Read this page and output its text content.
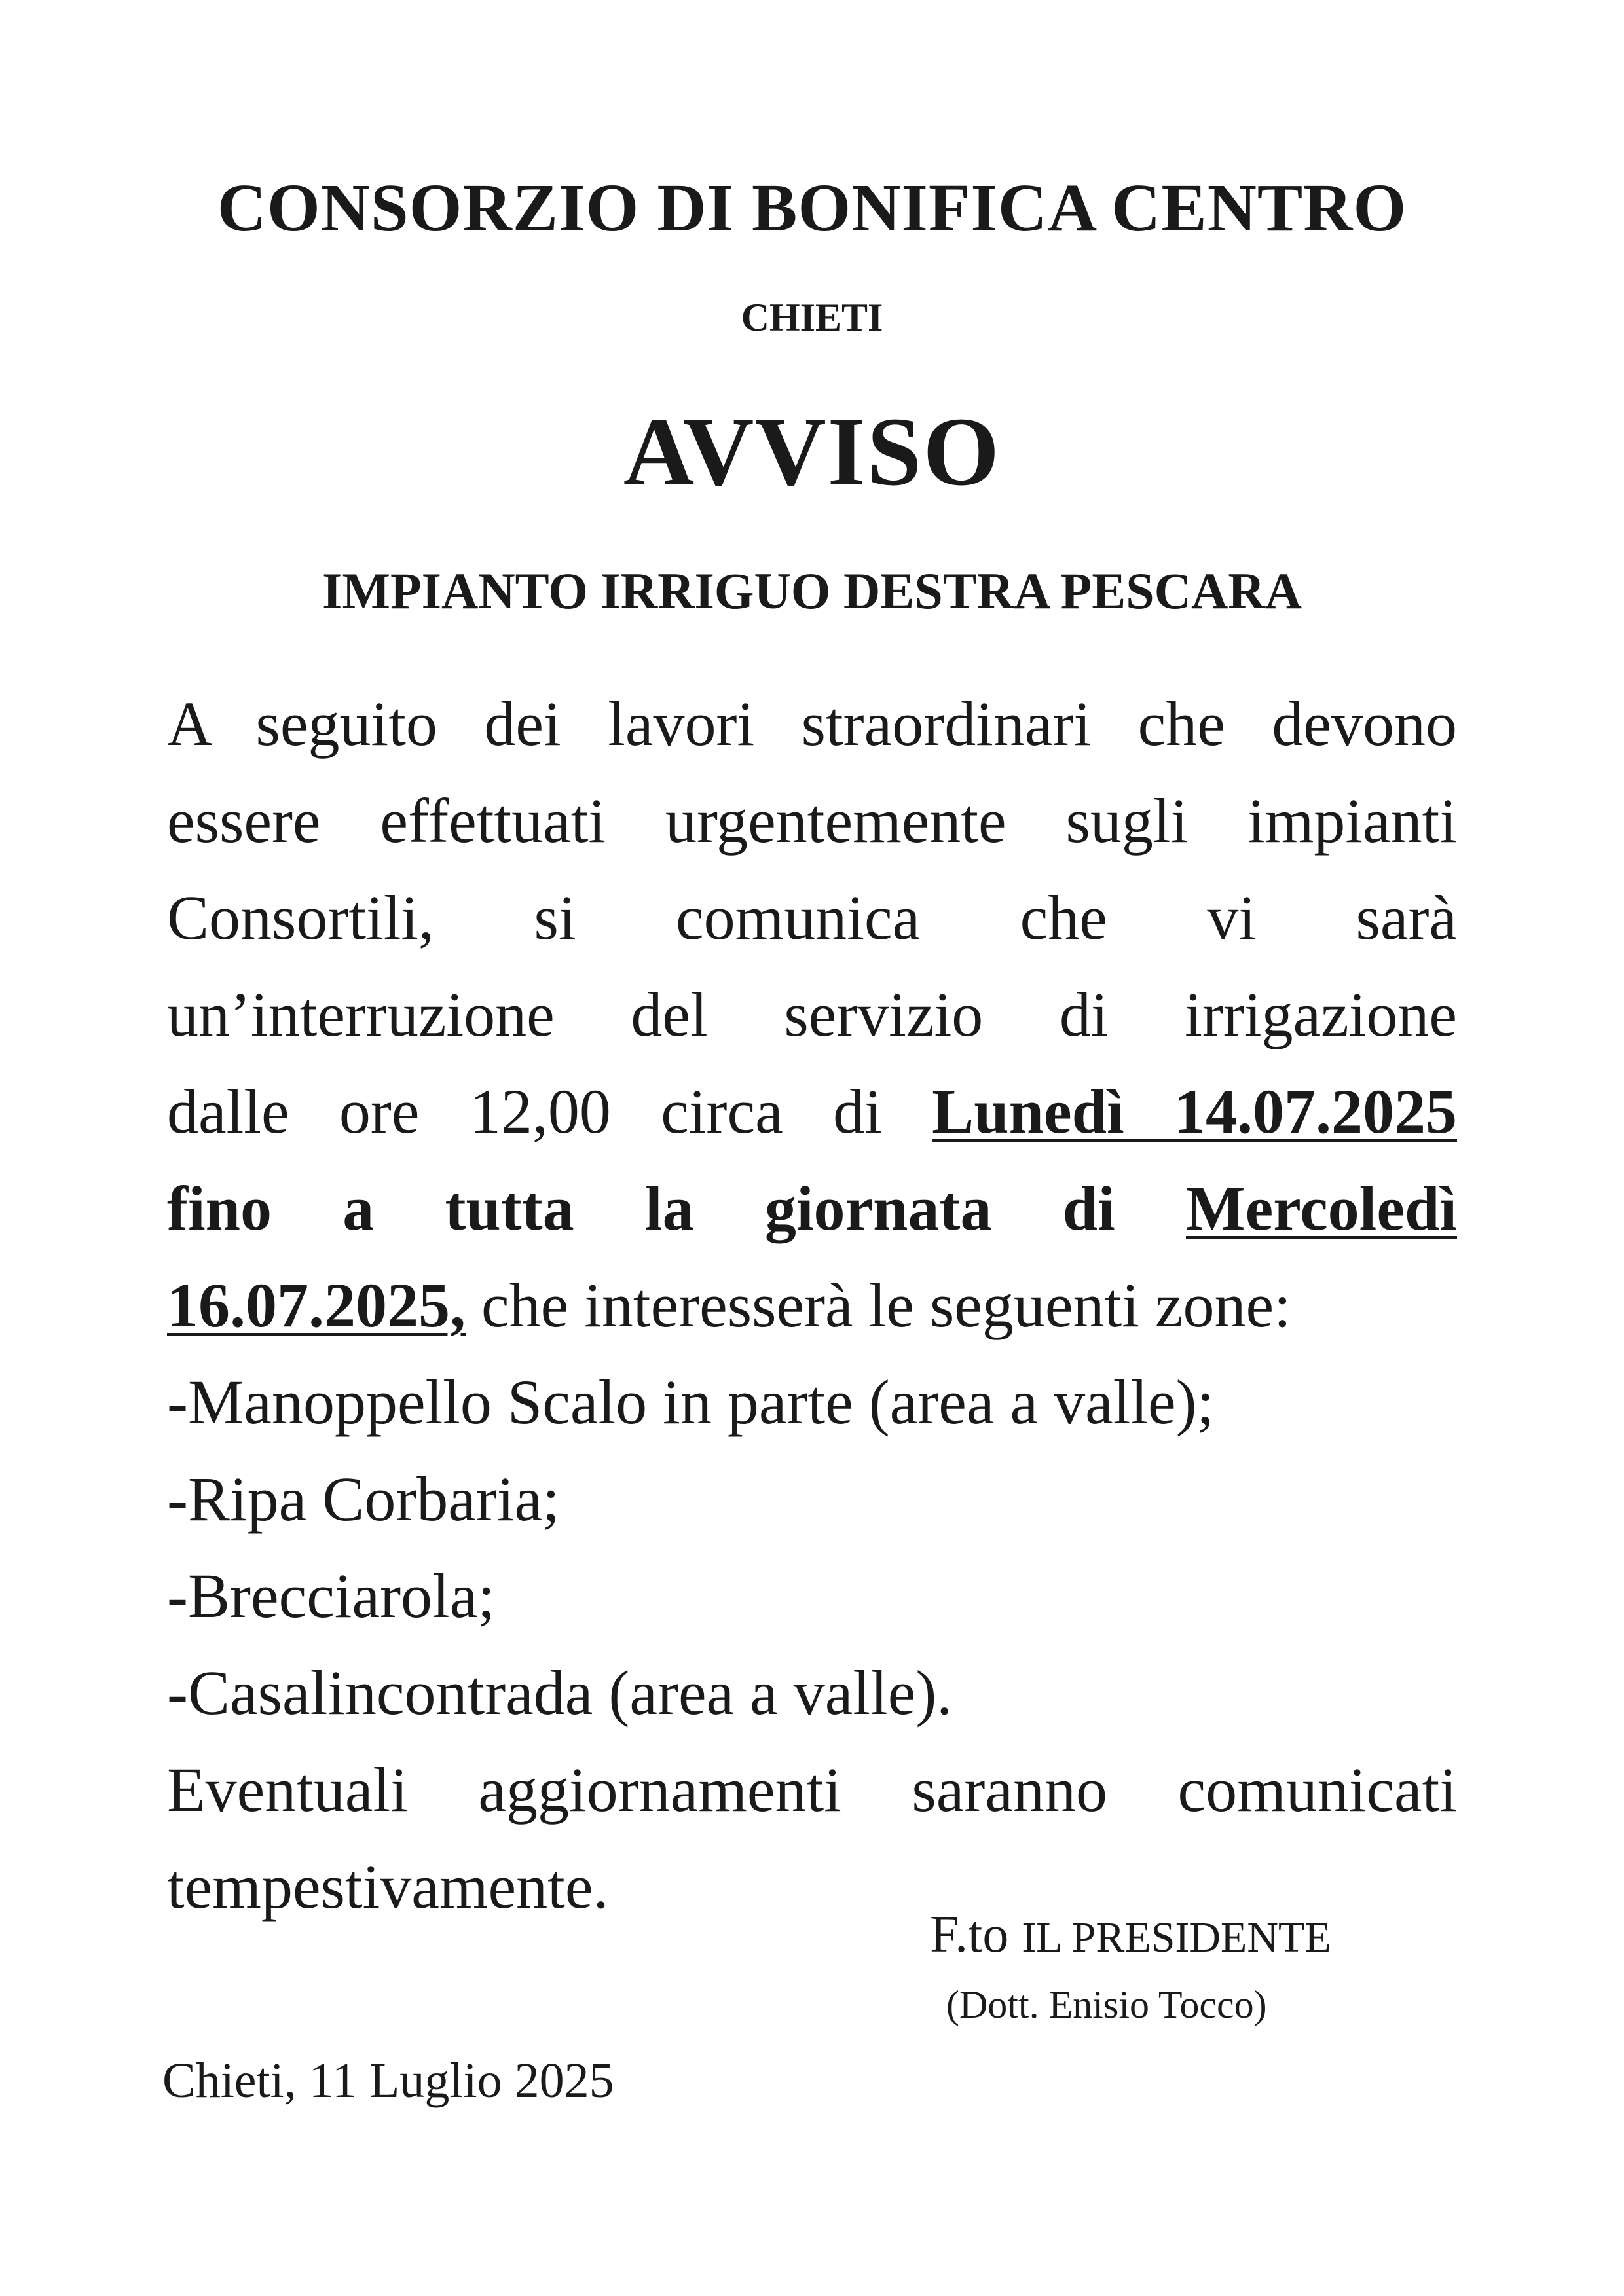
CONSORZIO DI BONIFICA CENTRO
CHIETI
AVVISO
IMPIANTO IRRIGUO DESTRA PESCARA
A seguito dei lavori straordinari che devono
essere effettuati urgentemente sugli impianti
Consortili, si comunica che vi sarà
un’interruzione del servizio di irrigazione
dalle ore 12,00 circa di Lunedì 14.07.2025
fino a tutta la giornata di Mercoledì
16.07.2025, che interesserà le seguenti zone:
-Manoppello Scalo in parte (area a valle);
-Ripa Corbaria;
-Brecciarola;
-Casalincontrada (area a valle).
Eventuali aggiornamenti saranno comunicati
tempestivamente.
F.to IL PRESIDENTE
(Dott. Enisio Tocco)
Chieti, 11 Luglio 2025
